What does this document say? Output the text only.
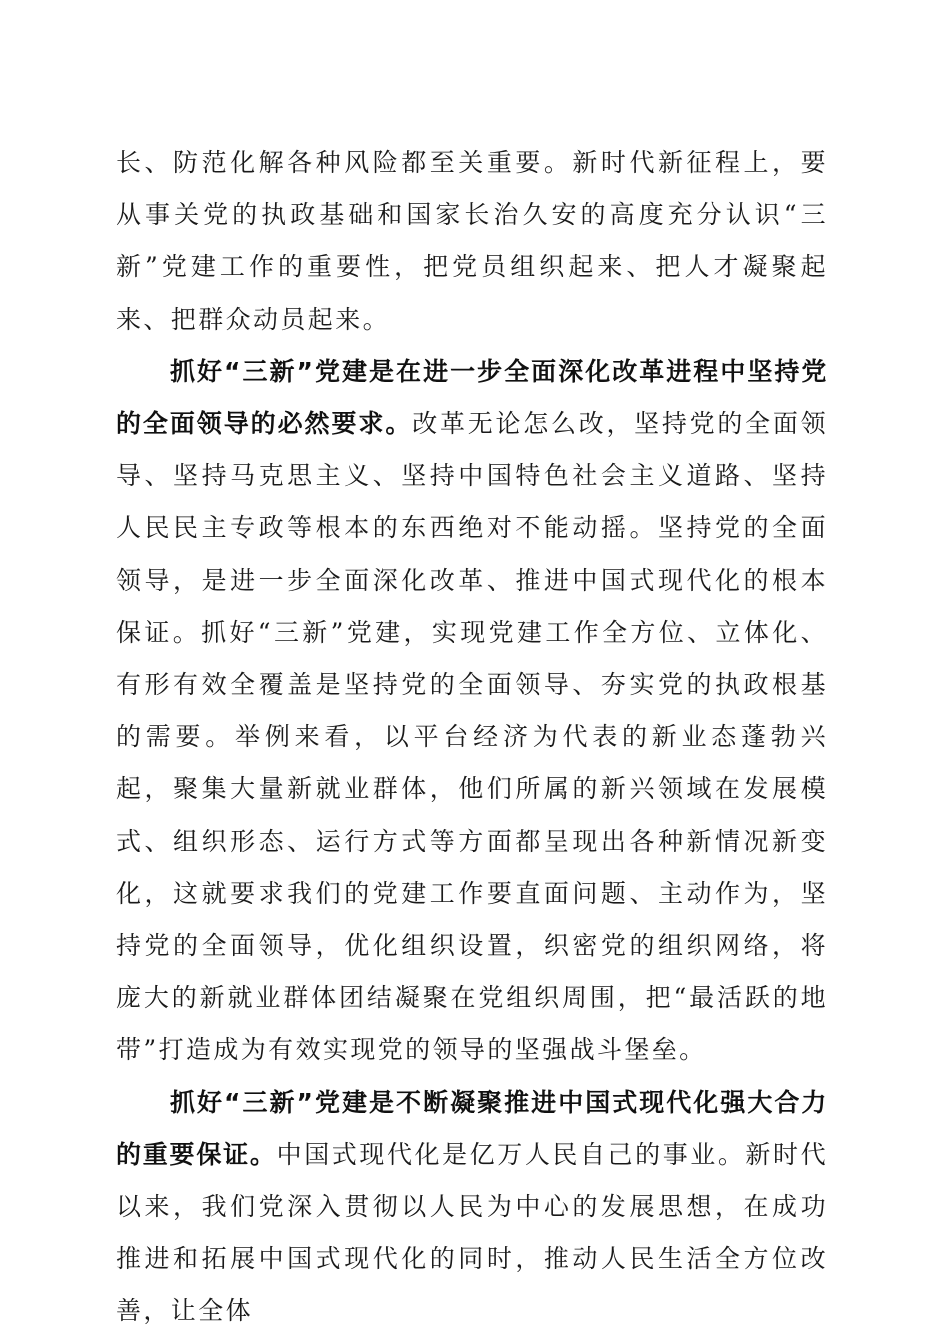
长、防范化解各种风险都至关重要。新时代新征程上，要从事关党的执政基础和国家长治久安的高度充分认识“三新”党建工作的重要性，把党员组织起来、把人才凝聚起来、把群众动员起来。

抓好“三新”党建是在进一步全面深化改革进程中坚持党的全面领导的必然要求。改革无论怎么改，坚持党的全面领导、坚持马克思主义、坚持中国特色社会主义道路、坚持人民民主专政等根本的东西绝对不能动摇。坚持党的全面领导，是进一步全面深化改革、推进中国式现代化的根本保证。抓好“三新”党建，实现党建工作全方位、立体化、有形有效全覆盖是坚持党的全面领导、夯实党的执政根基的需要。举例来看，以平台经济为代表的新业态蓬勃兴起，聚集大量新就业群体，他们所属的新兴领域在发展模式、组织形态、运行方式等方面都呈现出各种新情况新变化，这就要求我们的党建工作要直面问题、主动作为，坚持党的全面领导，优化组织设置，织密党的组织网络，将庞大的新就业群体团结凝聚在党组织周围，把“最活跃的地带”打造成为有效实现党的领导的坚强战斗堡垒。

抓好“三新”党建是不断凝聚推进中国式现代化强大合力的重要保证。中国式现代化是亿万人民自己的事业。新时代以来，我们党深入贯彻以人民为中心的发展思想，在成功推进和拓展中国式现代化的同时，推动人民生活全方位改善，让全体
